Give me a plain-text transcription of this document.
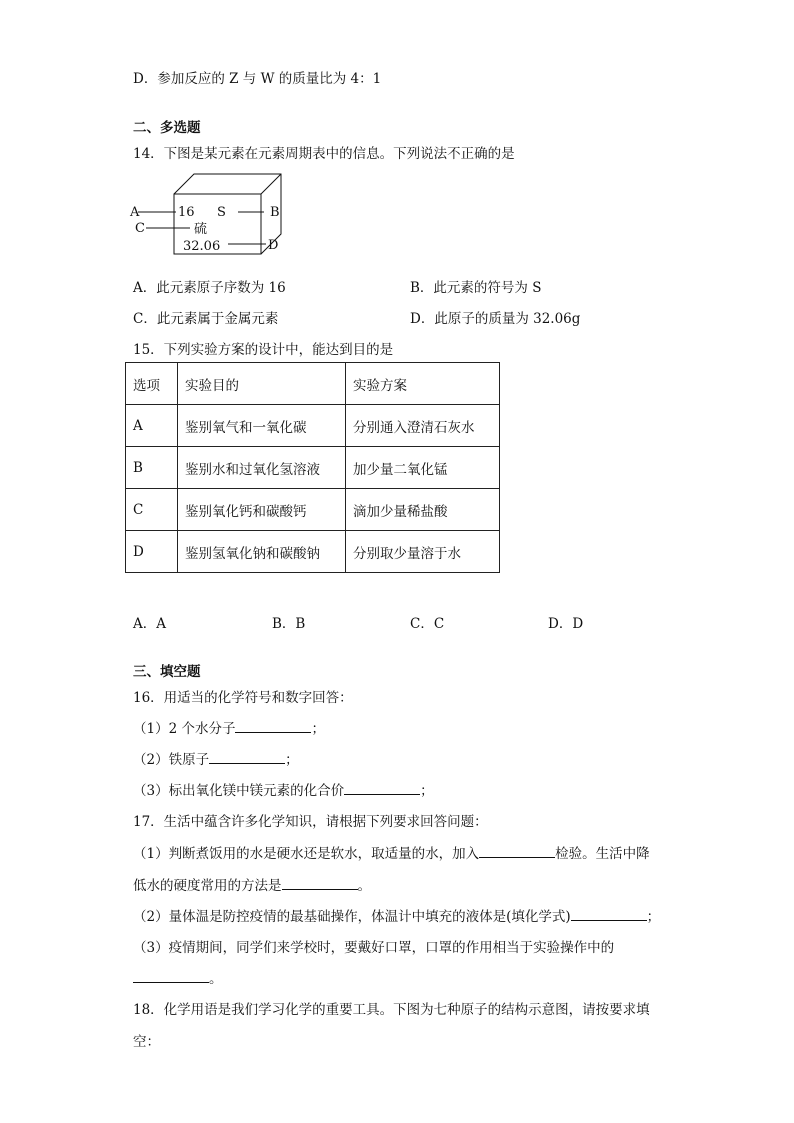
D．参加反应的 Z 与 W 的质量比为 4：1
二、多选题
14．下图是某元素在元素周期表中的信息。下列说法不正确的是
A	B
C
D
16 S
硫
32.06
A．此元素原子序数为 16	B．此元素的符号为 S
C．此元素属于金属元素	D．此原子的质量为 32.06g
15．下列实验方案的设计中，能达到目的是
选项	实验目的	实验方案
A	鉴别氧气和一氧化碳	分别通入澄清石灰水
B	鉴别水和过氧化氢溶液	加少量二氧化锰
C	鉴别氧化钙和碳酸钙	滴加少量稀盐酸
D	鉴别氢氧化钠和碳酸钠	分别取少量溶于水
A．A	B．B	C．C	D．D
三、填空题
16．用适当的化学符号和数字回答：
（1）2 个水分子	；
（2）铁原子	；
（3）标出氧化镁中镁元素的化合价	；
17．生活中蕴含许多化学知识，请根据下列要求回答问题：
（1）判断煮饭用的水是硬水还是软水，取适量的水，加入	检验。生活中降
低水的硬度常用的方法是	。
（2）量体温是防控疫情的最基础操作，体温计中填充的液体是(填化学式)	；
（3）疫情期间，同学们来学校时，要戴好口罩，口罩的作用相当于实验操作中的
。
18．化学用语是我们学习化学的重要工具。下图为七种原子的结构示意图，请按要求填
空：
